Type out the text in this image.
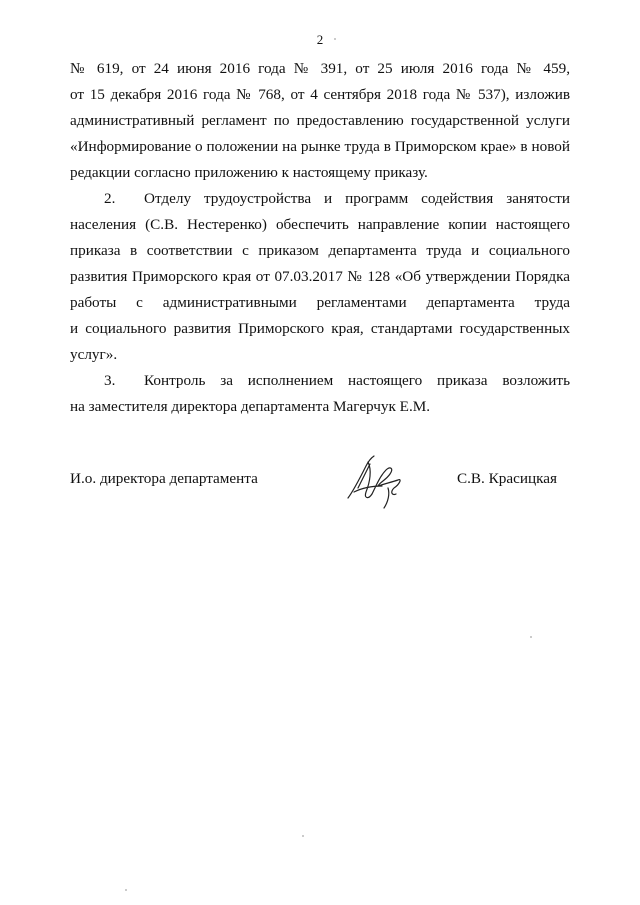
2
№ 619, от 24 июня 2016 года № 391, от 25 июля 2016 года № 459,
от 15 декабря 2016 года № 768, от 4 сентября 2018 года № 537), изложив
административный регламент по предоставлению государственной услуги
«Информирование о положении на рынке труда в Приморском крае» в новой
редакции согласно приложению к настоящему приказу.
2. Отделу трудоустройства и программ содействия занятости
населения (С.В. Нестеренко) обеспечить направление копии настоящего
приказа в соответствии с приказом департамента труда и социального
развития Приморского края от 07.03.2017 № 128 «Об утверждении Порядка
работы с административными регламентами департамента труда
и социального развития Приморского края, стандартами государственных
услуг».
3. Контроль за исполнением настоящего приказа возложить
на заместителя директора департамента Магерчук Е.М.
И.о. директора департамента	С.В. Красицкая
